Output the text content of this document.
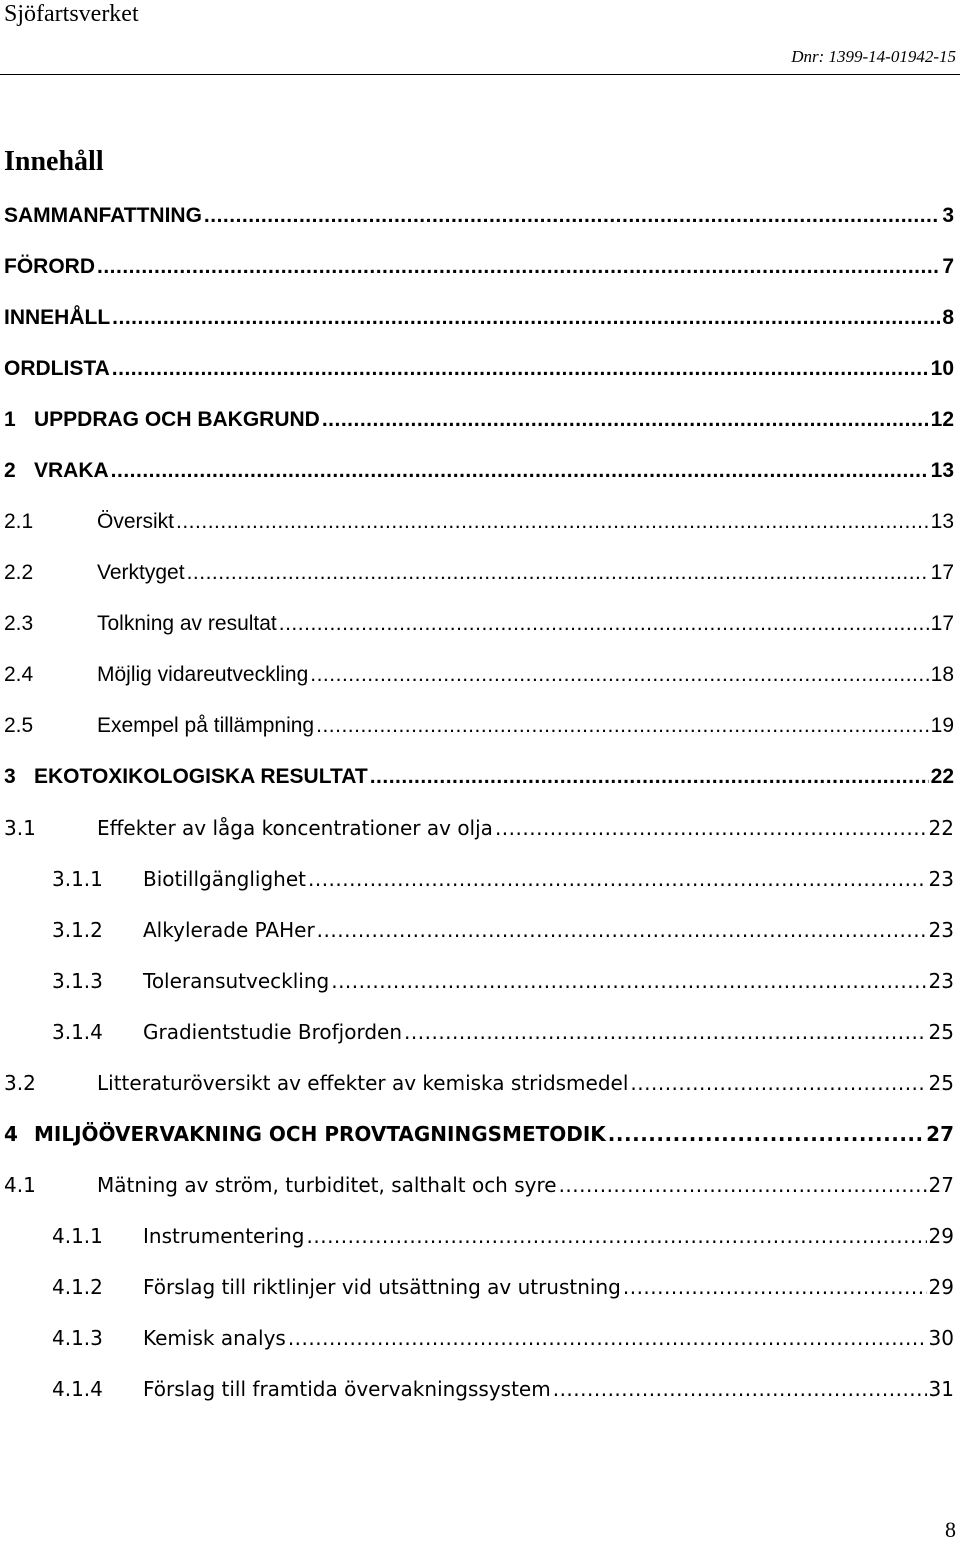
Sjöfartsverket
Dnr: 1399-14-01942-15
Innehåll
SAMMANFATTNING .....	3
FÖRORD .....	7
INNEHÅLL .....	8
ORDLISTA .....	10
1 UPPDRAG OCH BAKGRUND .....	12
2 VRAKA .....	13
2.1	Översikt .....	13
2.2	Verktyget .....	17
2.3	Tolkning av resultat .....	17
2.4	Möjlig vidareutveckling .....	18
2.5	Exempel på tillämpning .....	19
3 EKOTOXIKOLOGISKA RESULTAT .....	22
3.1	Effekter av låga koncentrationer av olja .....	22
3.1.1	Biotillgänglighet .....	23
3.1.2	Alkylerade PAHer .....	23
3.1.3	Toleransutveckling .....	23
3.1.4	Gradientstudie Brofjorden .....	25
3.2	Litteraturöversikt av effekter av kemiska stridsmedel .....	25
4 MILJÖÖVERVAKNING OCH PROVTAGNINGSMETODIK .....	27
4.1	Mätning av ström, turbiditet, salthalt och syre .....	27
4.1.1	Instrumentering .....	29
4.1.2	Förslag till riktlinjer vid utsättning av utrustning .....	29
4.1.3	Kemisk analys .....	30
4.1.4	Förslag till framtida övervakningssystem .....	31
8
